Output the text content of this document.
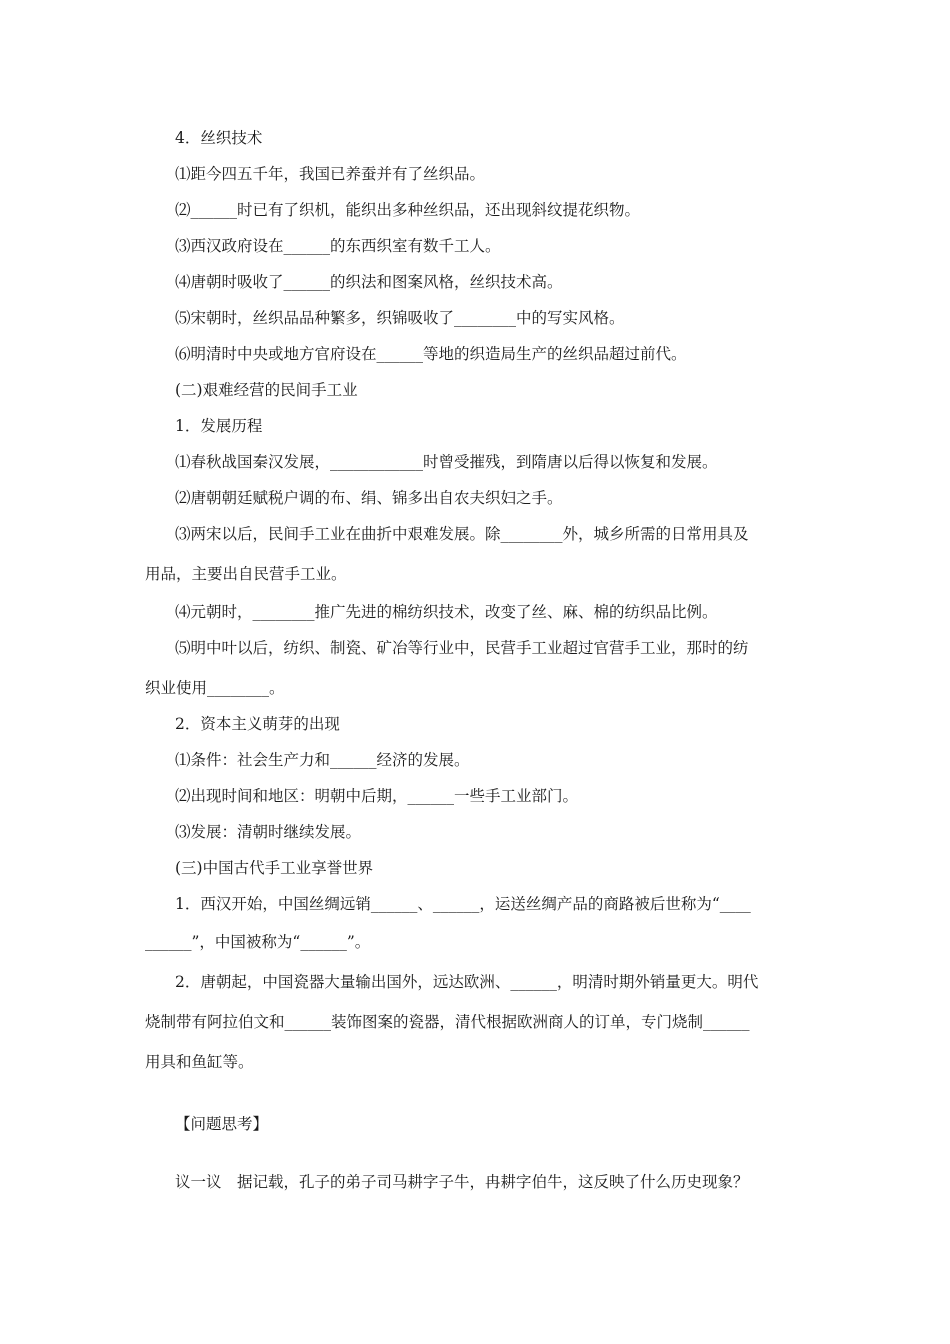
4．丝织技术
⑴距今四五千年，我国已养蚕并有了丝织品。
⑵______时已有了织机，能织出多种丝织品，还出现斜纹提花织物。
⑶西汉政府设在______的东西织室有数千工人。
⑷唐朝时吸收了______的织法和图案风格，丝织技术高。
⑸宋朝时，丝织品品种繁多，织锦吸收了________中的写实风格。
⑹明清时中央或地方官府设在______等地的织造局生产的丝织品超过前代。
(二)艰难经营的民间手工业
1．发展历程
⑴春秋战国秦汉发展，____________时曾受摧残，到隋唐以后得以恢复和发展。
⑵唐朝朝廷赋税户调的布、绢、锦多出自农夫织妇之手。
⑶两宋以后，民间手工业在曲折中艰难发展。除________外，城乡所需的日常用具及
用品，主要出自民营手工业。
⑷元朝时，________推广先进的棉纺织技术，改变了丝、麻、棉的纺织品比例。
⑸明中叶以后，纺织、制瓷、矿冶等行业中，民营手工业超过官营手工业，那时的纺
织业使用________。
2．资本主义萌芽的出现
⑴条件：社会生产力和______经济的发展。
⑵出现时间和地区：明朝中后期，______一些手工业部门。
⑶发展：清朝时继续发展。
(三)中国古代手工业享誉世界
1．西汉开始，中国丝绸远销______、______，运送丝绸产品的商路被后世称为“____
______”，中国被称为“______”。
2．唐朝起，中国瓷器大量输出国外，远达欧洲、______，明清时期外销量更大。明代
烧制带有阿拉伯文和______装饰图案的瓷器，清代根据欧洲商人的订单，专门烧制______
用具和鱼缸等。
【问题思考】
议一议　据记载，孔子的弟子司马耕字子牛，冉耕字伯牛，这反映了什么历史现象？
